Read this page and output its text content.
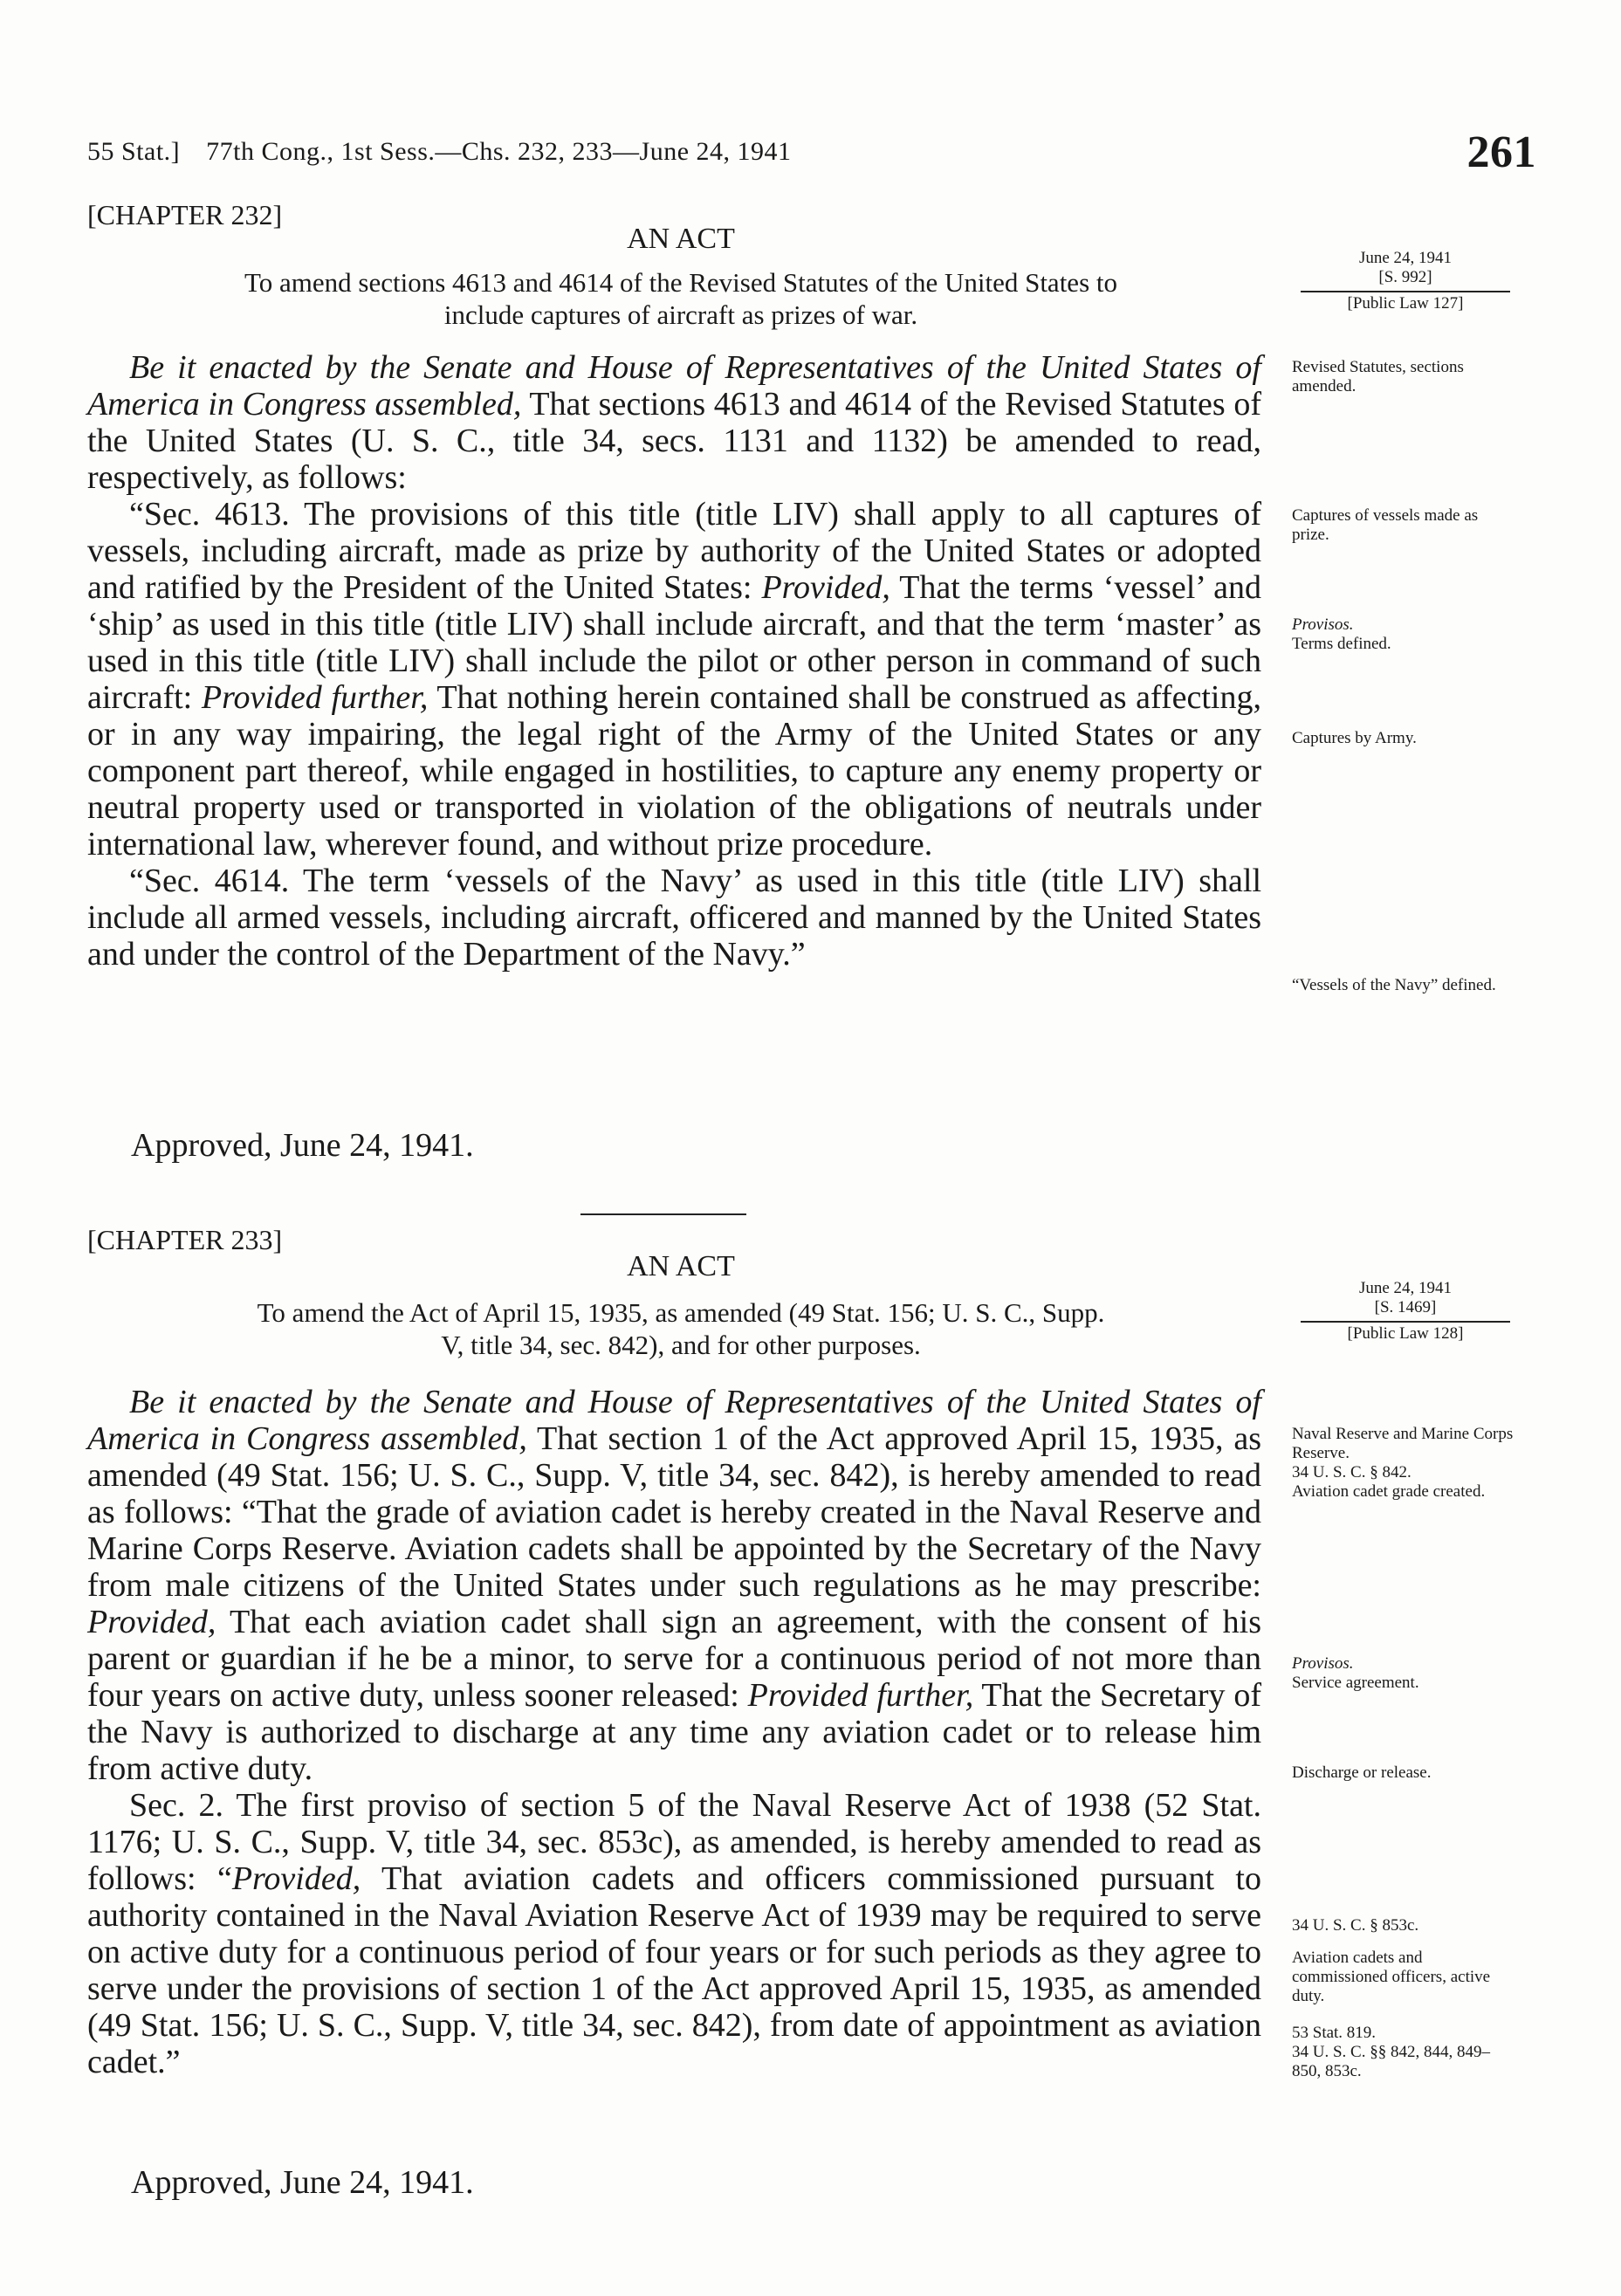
55 Stat.] 77th Cong., 1st Sess.—Chs. 232, 233—June 24, 1941	261
[CHAPTER 232]
AN ACT
To amend sections 4613 and 4614 of the Revised Statutes of the United States to
include captures of aircraft as prizes of war.

Be it enacted by the Senate and House of Representatives of the United States of America in Congress assembled, That sections 4613 and 4614 of the Revised Statutes of the United States (U. S. C., title 34, secs. 1131 and 1132) be amended to read, respectively, as follows:

“Sec. 4613. The provisions of this title (title LIV) shall apply to all captures of vessels, including aircraft, made as prize by authority of the United States or adopted and ratified by the President of the United States: Provided, That the terms ‘vessel’ and ‘ship’ as used in this title (title LIV) shall include aircraft, and that the term ‘master’ as used in this title (title LIV) shall include the pilot or other person in command of such aircraft: Provided further, That nothing herein contained shall be construed as affecting, or in any way impairing, the legal right of the Army of the United States or any component part thereof, while engaged in hostilities, to capture any enemy property or neutral property used or transported in violation of the obligations of neutrals under international law, wherever found, and without prize procedure.

“Sec. 4614. The term ‘vessels of the Navy’ as used in this title (title LIV) shall include all armed vessels, including aircraft, officered and manned by the United States and under the control of the Department of the Navy.”

Approved, June 24, 1941.
[CHAPTER 233]
AN ACT
To amend the Act of April 15, 1935, as amended (49 Stat. 156; U. S. C., Supp.
V, title 34, sec. 842), and for other purposes.

Be it enacted by the Senate and House of Representatives of the United States of America in Congress assembled, That section 1 of the Act approved April 15, 1935, as amended (49 Stat. 156; U. S. C., Supp. V, title 34, sec. 842), is hereby amended to read as follows: “That the grade of aviation cadet is hereby created in the Naval Reserve and Marine Corps Reserve. Aviation cadets shall be appointed by the Secretary of the Navy from male citizens of the United States under such regulations as he may prescribe: Provided, That each aviation cadet shall sign an agreement, with the consent of his parent or guardian if he be a minor, to serve for a continuous period of not more than four years on active duty, unless sooner released: Provided further, That the Secretary of the Navy is authorized to discharge at any time any aviation cadet or to release him from active duty.

Sec. 2. The first proviso of section 5 of the Naval Reserve Act of 1938 (52 Stat. 1176; U. S. C., Supp. V, title 34, sec. 853c), as amended, is hereby amended to read as follows: “Provided, That aviation cadets and officers commissioned pursuant to authority contained in the Naval Aviation Reserve Act of 1939 may be required to serve on active duty for a continuous period of four years or for such periods as they agree to serve under the provisions of section 1 of the Act approved April 15, 1935, as amended (49 Stat. 156; U. S. C., Supp. V, title 34, sec. 842), from date of appointment as aviation cadet.”

Approved, June 24, 1941.
June 24, 1941
[S. 992]
[Public Law 127]
Revised Statutes, sections amended.
Captures of vessels made as prize.
Provisos.
Terms defined.
Captures by Army.
“Vessels of the Navy” defined.
June 24, 1941
[S. 1469]
[Public Law 128]
Naval Reserve and Marine Corps Reserve.
34 U. S. C. § 842.
Aviation cadet grade created.
Provisos.
Service agreement.
Discharge or release.
34 U. S. C. § 853c.
Aviation cadets and commissioned officers, active duty.
53 Stat. 819.
34 U. S. C. §§ 842, 844, 849–850, 853c.
